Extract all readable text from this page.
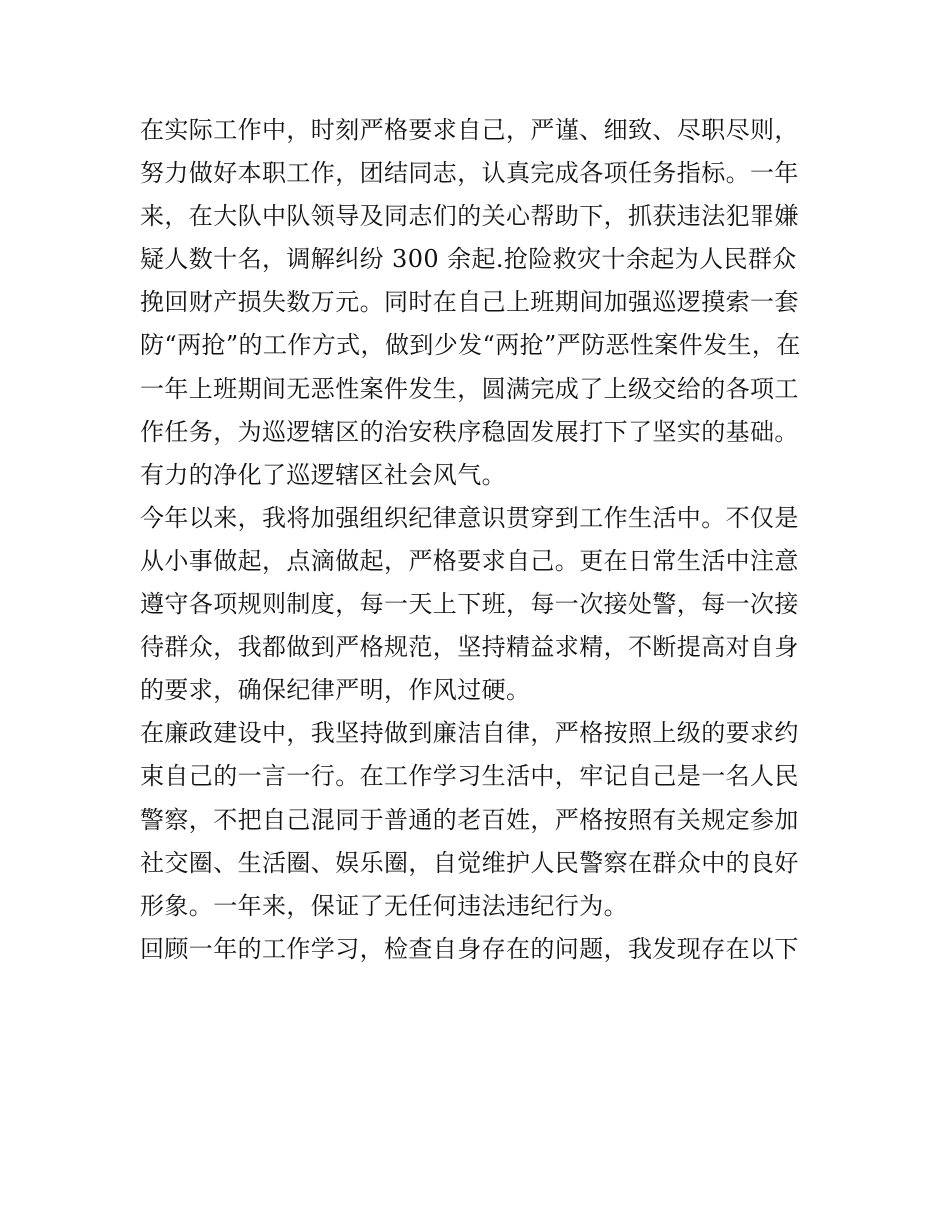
在实际工作中，时刻严格要求自己，严谨、细致、尽职尽则，
努力做好本职工作，团结同志，认真完成各项任务指标。一年
来，在大队中队领导及同志们的关心帮助下，抓获违法犯罪嫌
疑人数十名，调解纠纷 300 余起.抢险救灾十余起为人民群众
挽回财产损失数万元。同时在自己上班期间加强巡逻摸索一套
防“两抢”的工作方式，做到少发“两抢”严防恶性案件发生，在
一年上班期间无恶性案件发生，圆满完成了上级交给的各项工
作任务，为巡逻辖区的治安秩序稳固发展打下了坚实的基础。
有力的净化了巡逻辖区社会风气。
今年以来，我将加强组织纪律意识贯穿到工作生活中。不仅是
从小事做起，点滴做起，严格要求自己。更在日常生活中注意
遵守各项规则制度，每一天上下班，每一次接处警，每一次接
待群众，我都做到严格规范，坚持精益求精，不断提高对自身
的要求，确保纪律严明，作风过硬。
在廉政建设中，我坚持做到廉洁自律，严格按照上级的要求约
束自己的一言一行。在工作学习生活中，牢记自己是一名人民
警察，不把自己混同于普通的老百姓，严格按照有关规定参加
社交圈、生活圈、娱乐圈，自觉维护人民警察在群众中的良好
形象。一年来，保证了无任何违法违纪行为。
回顾一年的工作学习，检查自身存在的问题，我发现存在以下
